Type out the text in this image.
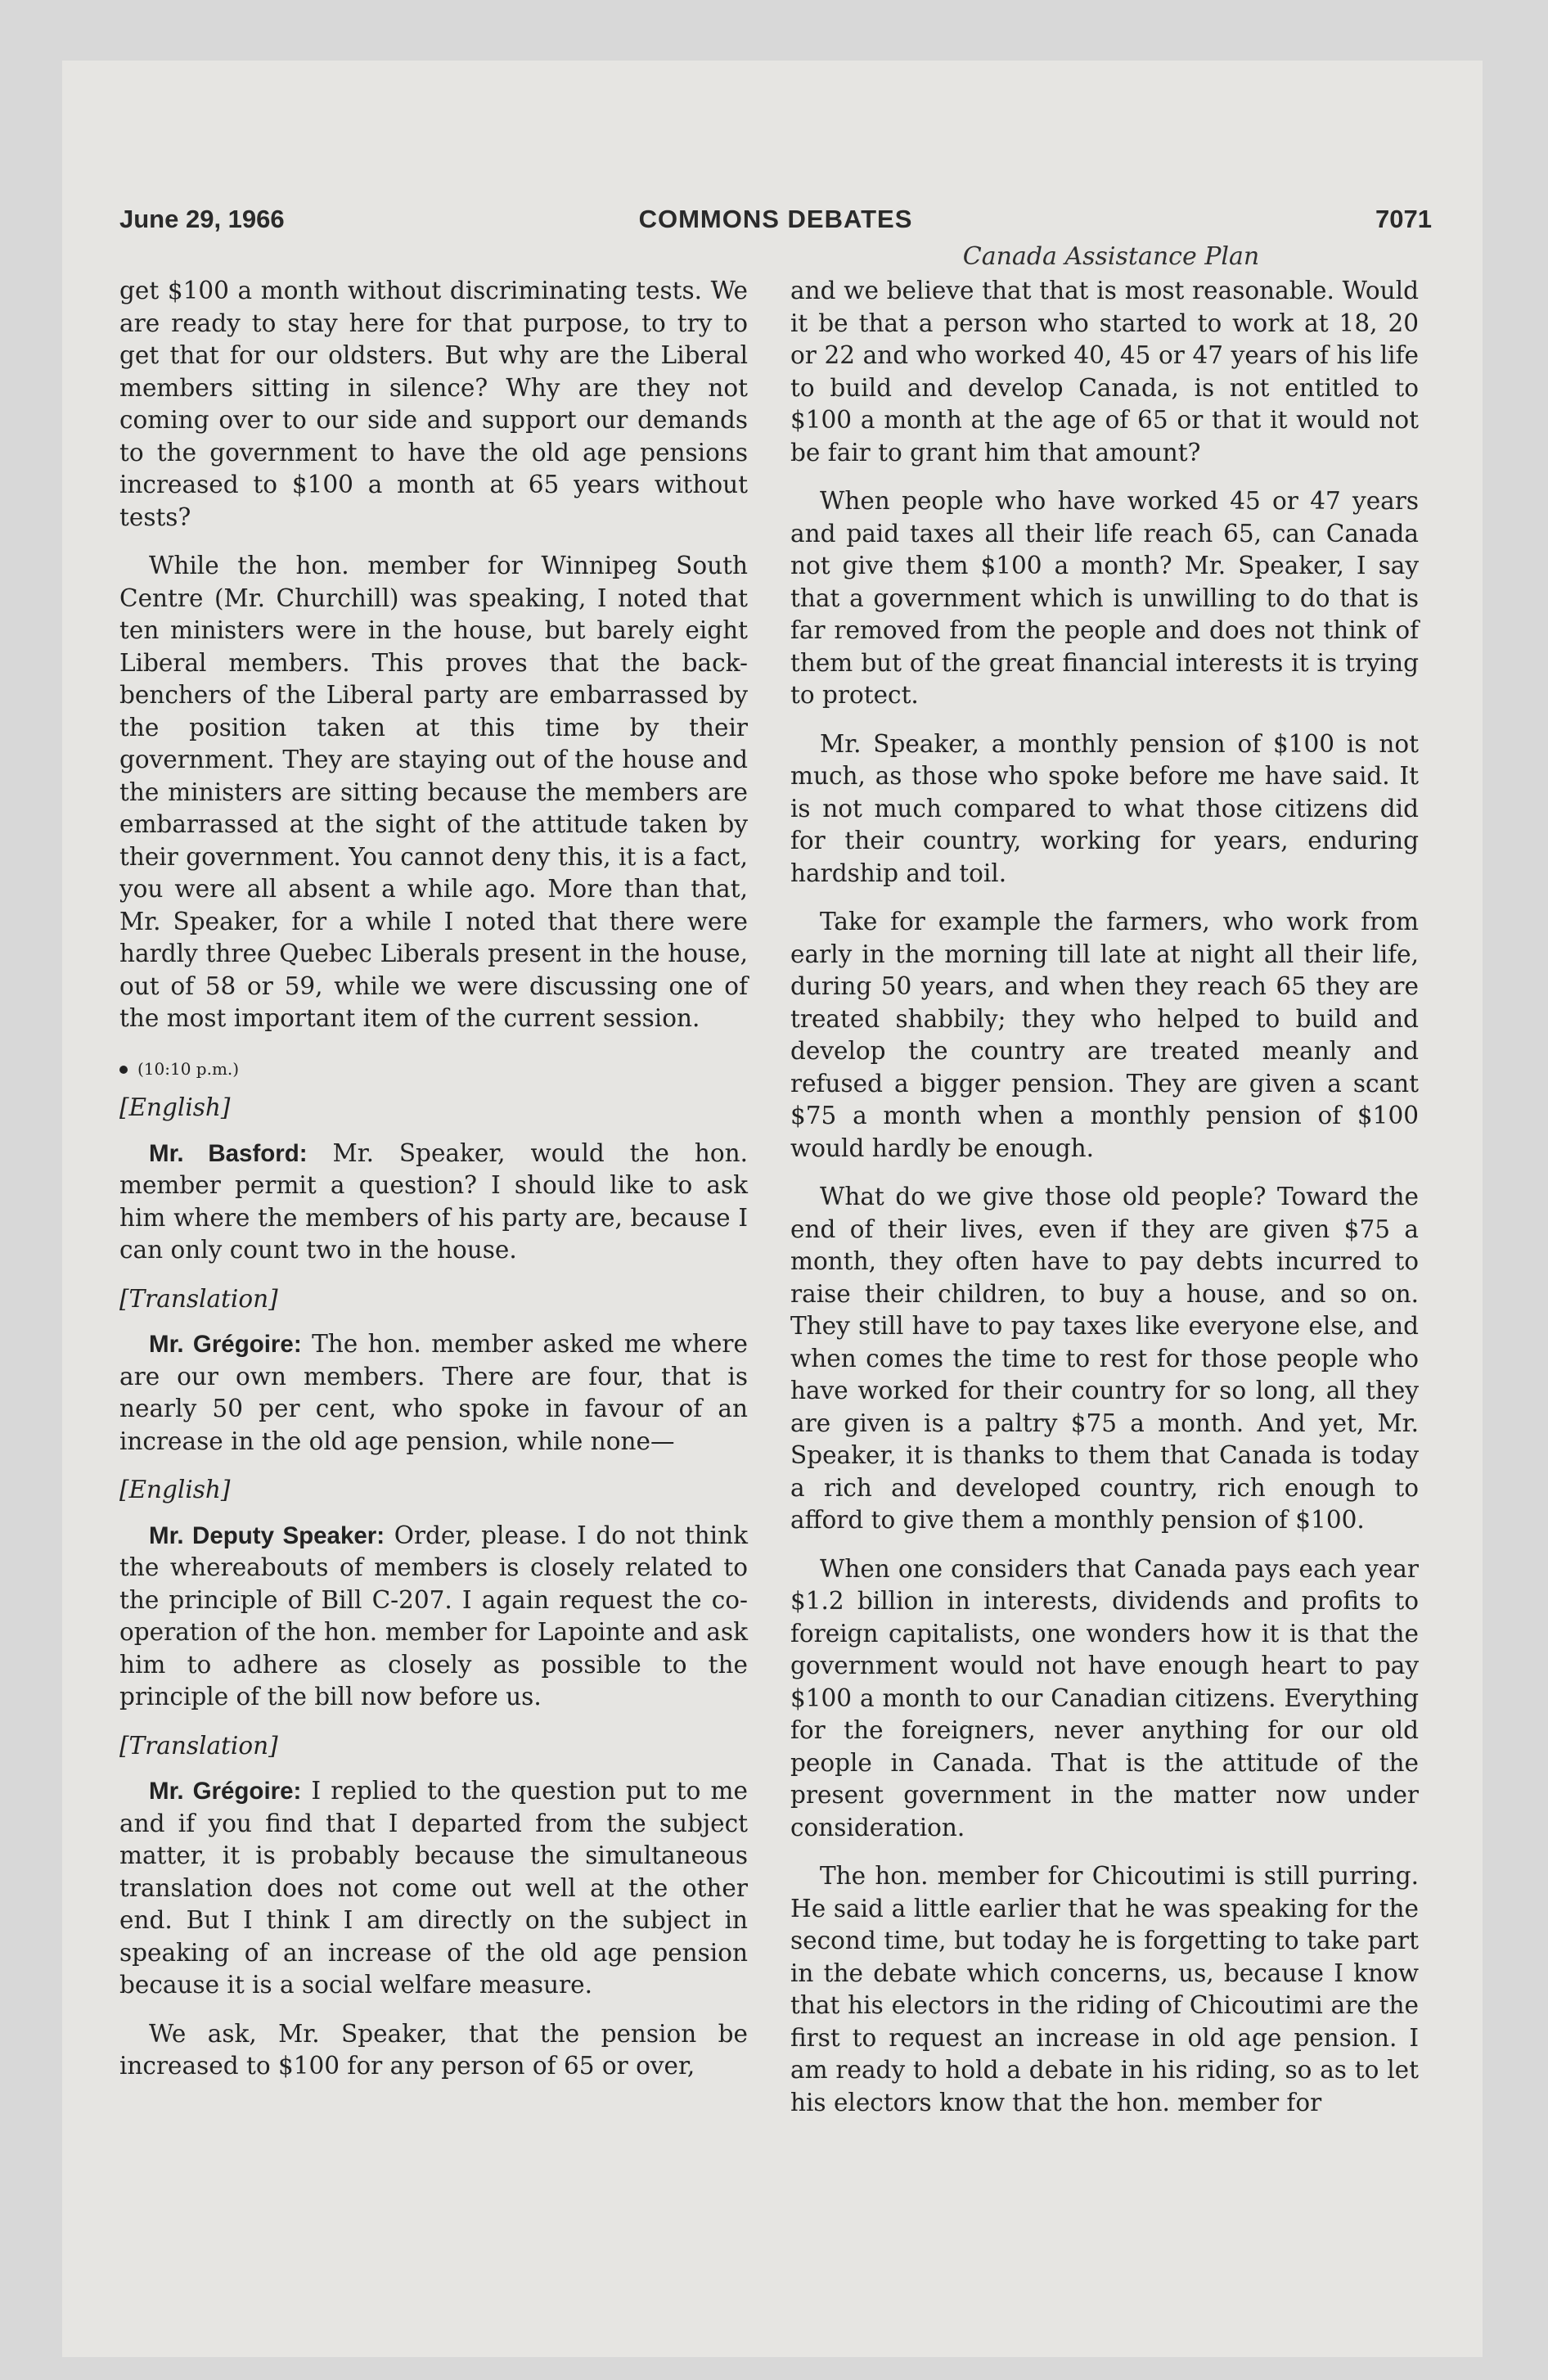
June 29, 1966	COMMONS DEBATES	7071
Canada Assistance Plan

get $100 a month without discriminating tests. We are ready to stay here for that purpose, to try to get that for our oldsters. But why are the Liberal members sitting in silence? Why are they not coming over to our side and support our demands to the government to have the old age pensions increased to $100 a month at 65 years without tests?

While the hon. member for Winnipeg South Centre (Mr. Churchill) was speaking, I noted that ten ministers were in the house, but barely eight Liberal members. This proves that the back-benchers of the Liberal party are embarrassed by the position taken at this time by their government. They are staying out of the house and the ministers are sitting because the members are embarrassed at the sight of the attitude taken by their government. You cannot deny this, it is a fact, you were all absent a while ago. More than that, Mr. Speaker, for a while I noted that there were hardly three Quebec Liberals present in the house, out of 58 or 59, while we were discussing one of the most important item of the current session.

(10:10 p.m.)

[English]

Mr. Basford: Mr. Speaker, would the hon. member permit a question? I should like to ask him where the members of his party are, because I can only count two in the house.

[Translation]

Mr. Grégoire: The hon. member asked me where are our own members. There are four, that is nearly 50 per cent, who spoke in favour of an increase in the old age pension, while none—

[English]

Mr. Deputy Speaker: Order, please. I do not think the whereabouts of members is closely related to the principle of Bill C-207. I again request the co-operation of the hon. member for Lapointe and ask him to adhere as closely as possible to the principle of the bill now before us.

[Translation]

Mr. Grégoire: I replied to the question put to me and if you find that I departed from the subject matter, it is probably because the simultaneous translation does not come out well at the other end. But I think I am directly on the subject in speaking of an increase of the old age pension because it is a social welfare measure.

We ask, Mr. Speaker, that the pension be increased to $100 for any person of 65 or over,

and we believe that that is most reasonable. Would it be that a person who started to work at 18, 20 or 22 and who worked 40, 45 or 47 years of his life to build and develop Canada, is not entitled to $100 a month at the age of 65 or that it would not be fair to grant him that amount?

When people who have worked 45 or 47 years and paid taxes all their life reach 65, can Canada not give them $100 a month? Mr. Speaker, I say that a government which is unwilling to do that is far removed from the people and does not think of them but of the great financial interests it is trying to protect.

Mr. Speaker, a monthly pension of $100 is not much, as those who spoke before me have said. It is not much compared to what those citizens did for their country, working for years, enduring hardship and toil.

Take for example the farmers, who work from early in the morning till late at night all their life, during 50 years, and when they reach 65 they are treated shabbily; they who helped to build and develop the country are treated meanly and refused a bigger pension. They are given a scant $75 a month when a monthly pension of $100 would hardly be enough.

What do we give those old people? Toward the end of their lives, even if they are given $75 a month, they often have to pay debts incurred to raise their children, to buy a house, and so on. They still have to pay taxes like everyone else, and when comes the time to rest for those people who have worked for their country for so long, all they are given is a paltry $75 a month. And yet, Mr. Speaker, it is thanks to them that Canada is today a rich and developed country, rich enough to afford to give them a monthly pension of $100.

When one considers that Canada pays each year $1.2 billion in interests, dividends and profits to foreign capitalists, one wonders how it is that the government would not have enough heart to pay $100 a month to our Canadian citizens. Everything for the foreigners, never anything for our old people in Canada. That is the attitude of the present government in the matter now under consideration.

The hon. member for Chicoutimi is still purring. He said a little earlier that he was speaking for the second time, but today he is forgetting to take part in the debate which concerns, us, because I know that his electors in the riding of Chicoutimi are the first to request an increase in old age pension. I am ready to hold a debate in his riding, so as to let his electors know that the hon. member for
